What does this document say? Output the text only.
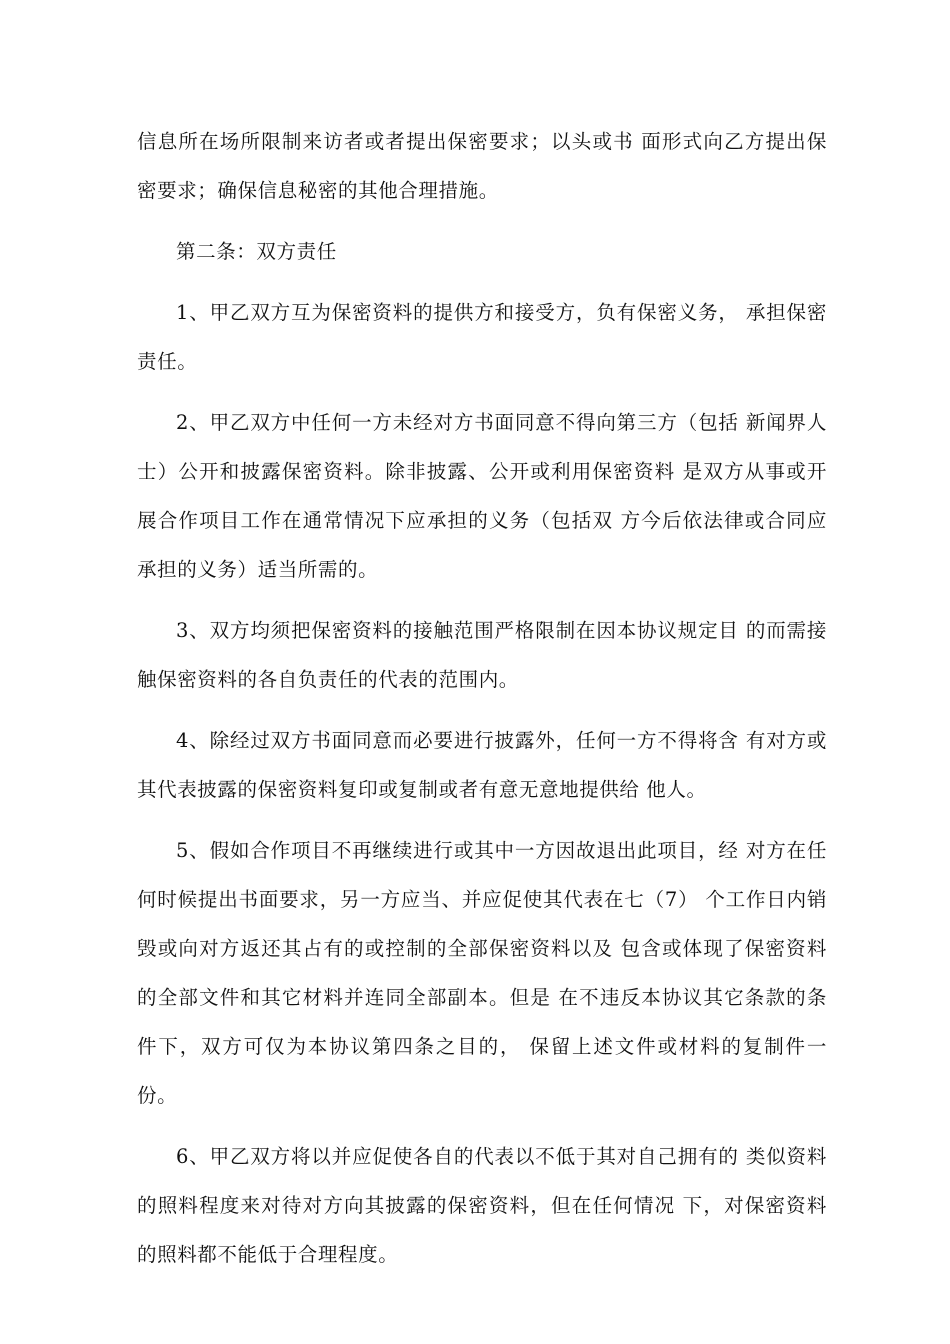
信息所在场所限制来访者或者提出保密要求；以头或书 面形式向乙方提出保密要求；确保信息秘密的其他合理措施。

第二条：双方责任

1、甲乙双方互为保密资料的提供方和接受方，负有保密义务， 承担保密责任。

2、甲乙双方中任何一方未经对方书面同意不得向第三方（包括 新闻界人士）公开和披露保密资料。除非披露、公开或利用保密资料 是双方从事或开展合作项目工作在通常情况下应承担的义务（包括双 方今后依法律或合同应承担的义务）适当所需的。

3、双方均须把保密资料的接触范围严格限制在因本协议规定目 的而需接触保密资料的各自负责任的代表的范围内。

4、除经过双方书面同意而必要进行披露外，任何一方不得将含 有对方或其代表披露的保密资料复印或复制或者有意无意地提供给 他人。

5、假如合作项目不再继续进行或其中一方因故退出此项目，经 对方在任何时候提出书面要求，另一方应当、并应促使其代表在七（7） 个工作日内销毁或向对方返还其占有的或控制的全部保密资料以及 包含或体现了保密资料的全部文件和其它材料并连同全部副本。但是 在不违反本协议其它条款的条件下，双方可仅为本协议第四条之目的， 保留上述文件或材料的复制件一份。

6、甲乙双方将以并应促使各自的代表以不低于其对自己拥有的 类似资料的照料程度来对待对方向其披露的保密资料，但在任何情况 下，对保密资料的照料都不能低于合理程度。
